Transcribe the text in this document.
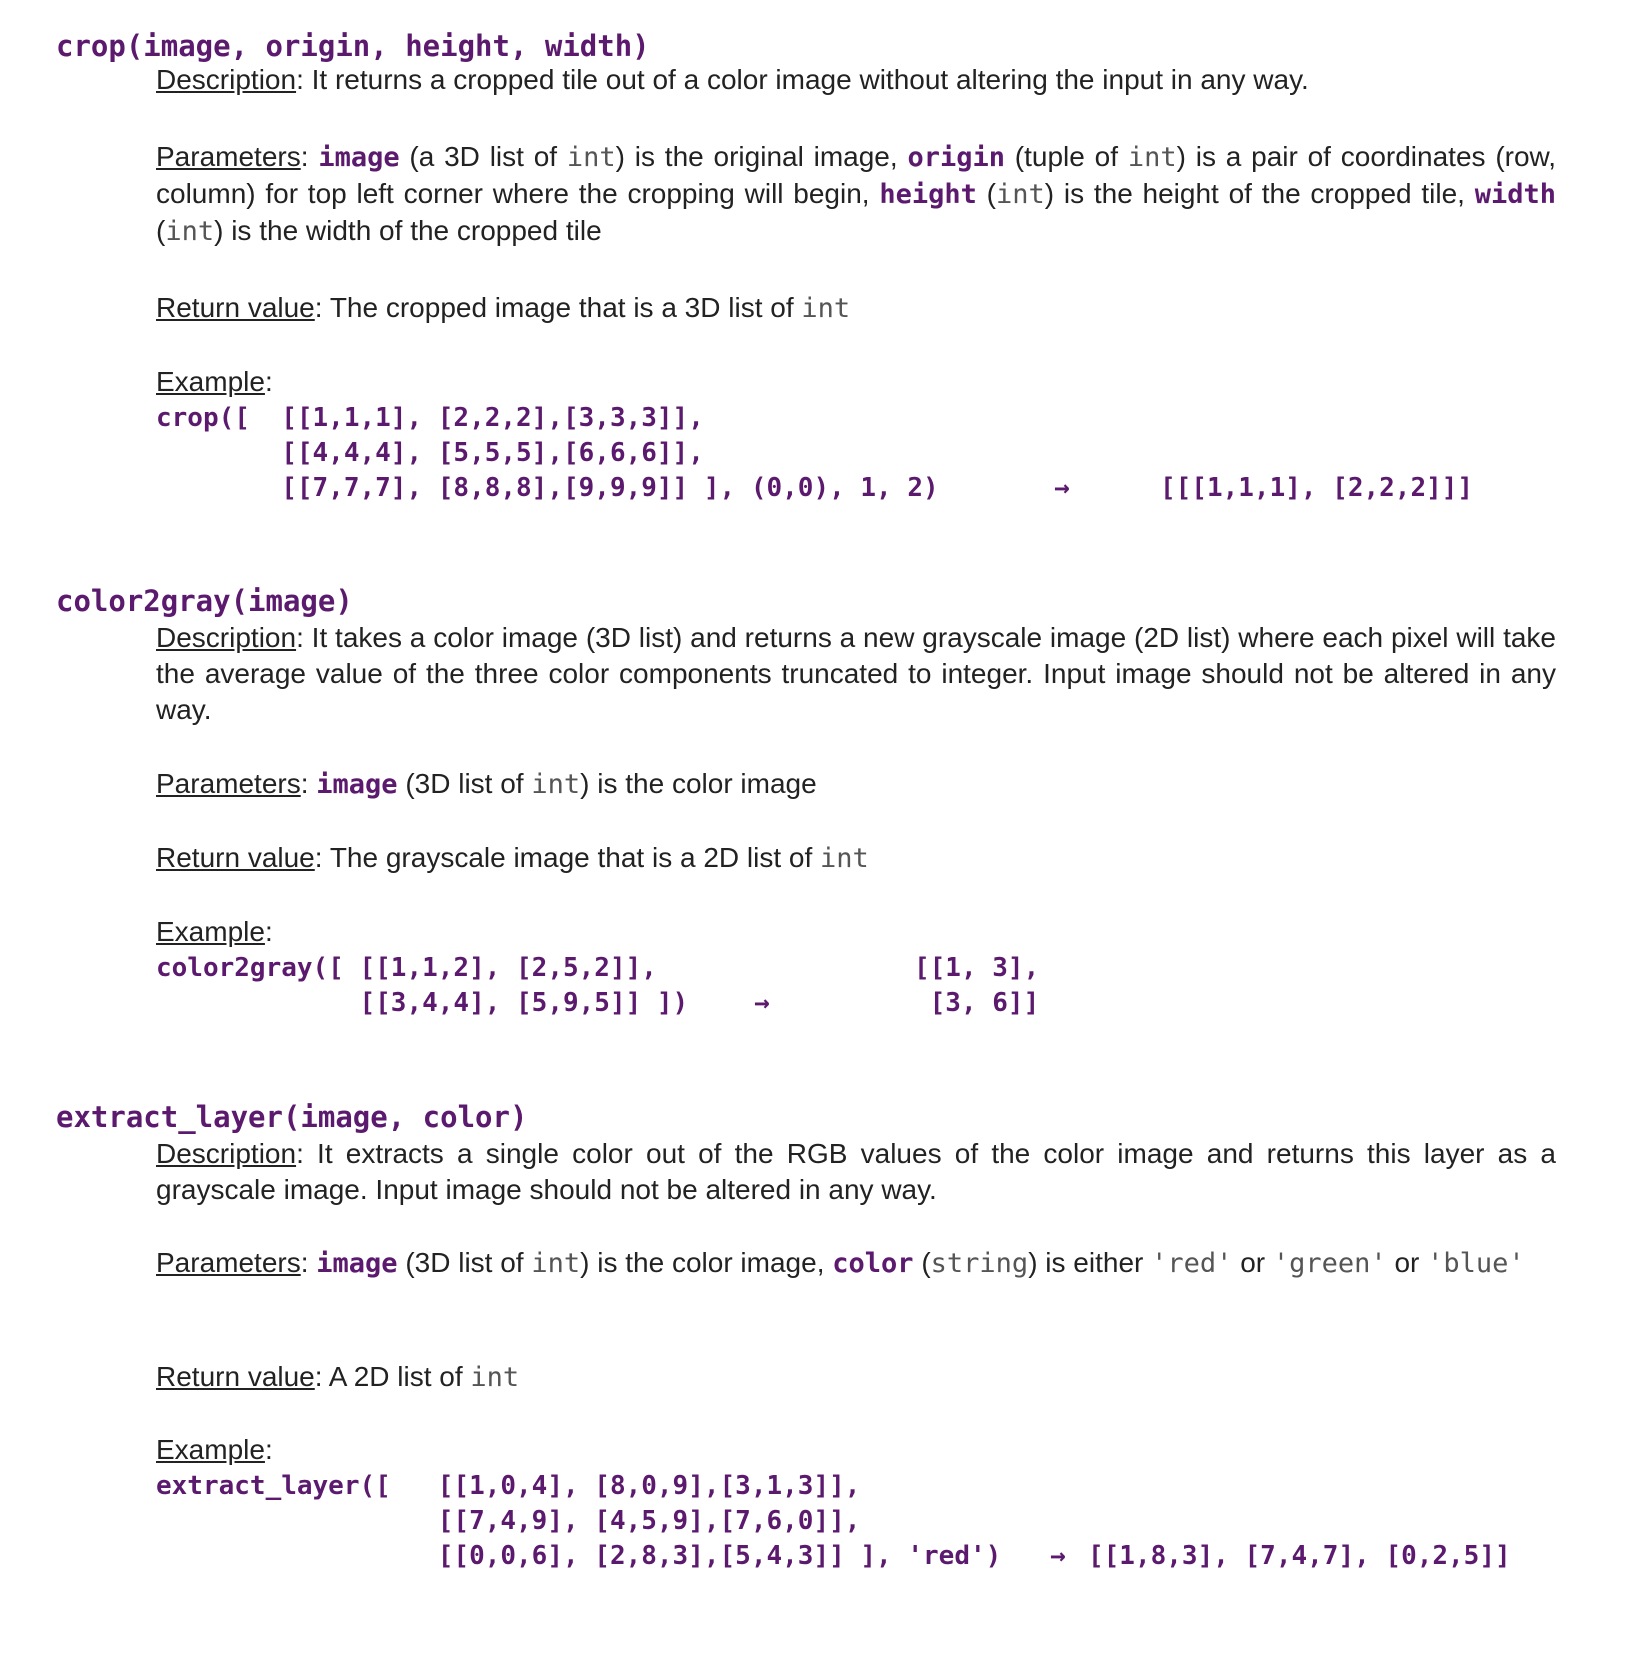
crop(image, origin, height, width)
Description: It returns a cropped tile out of a color image without altering the input in any way.
Parameters: image (a 3D list of int) is the original image, origin (tuple of int) is a pair of coordinates (row, column) for top left corner where the cropping will begin, height (int) is the height of the cropped tile, width (int) is the width of the cropped tile
Return value: The cropped image that is a 3D list of int
Example:
crop([  [[1,1,1], [2,2,2],[3,3,3]],
[[4,4,4], [5,5,5],[6,6,6]],
[[7,7,7], [8,8,8],[9,9,9]] ], (0,0), 1, 2)	→	[[[1,1,1], [2,2,2]]]
color2gray(image)
Description: It takes a color image (3D list) and returns a new grayscale image (2D list) where each pixel will take the average value of the three color components truncated to integer. Input image should not be altered in any way.
Parameters: image (3D list of int) is the color image
Return value: The grayscale image that is a 2D list of int
Example:
color2gray([ [[1,1,2], [2,5,2]],
[[3,4,4], [5,9,5]] ])	→
[[1, 3],
[3, 6]]
extract_layer(image, color)
Description: It extracts a single color out of the RGB values of the color image and returns this layer as a grayscale image. Input image should not be altered in any way.
Parameters: image (3D list of int) is the color image, color (string) is either 'red' or 'green' or 'blue'
Return value: A 2D list of int
Example:
extract_layer([   [[1,0,4], [8,0,9],[3,1,3]],
[[7,4,9], [4,5,9],[7,6,0]],
[[0,0,6], [2,8,3],[5,4,3]] ], 'red') → [[1,8,3], [7,4,7], [0,2,5]]
